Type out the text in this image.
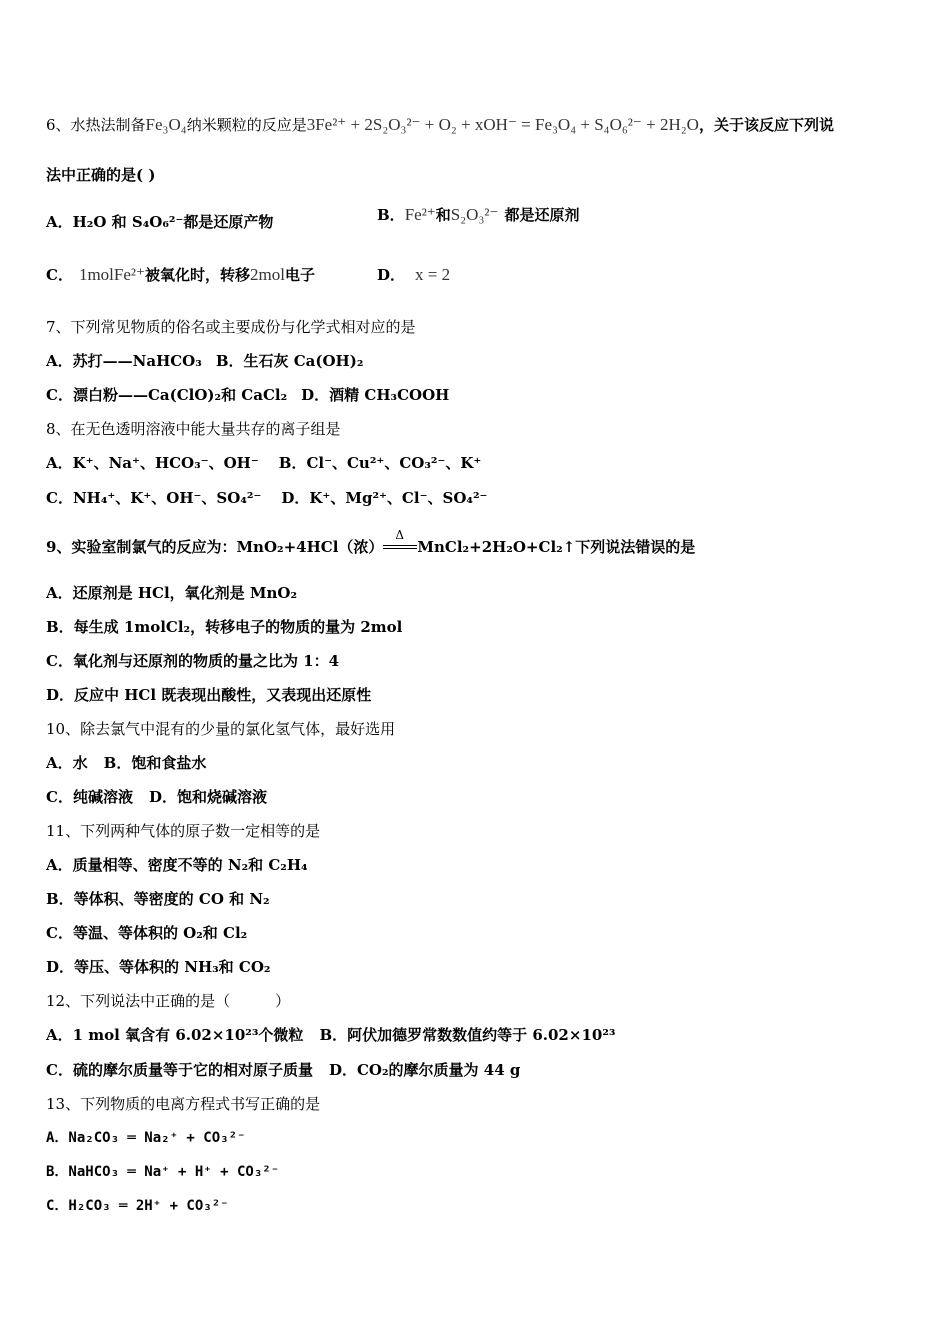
6、水热法制备Fe₃O₄纳米颗粒的反应是3Fe²⁺ + 2S₂O₃²⁻ + O₂ + xOH⁻ = Fe₃O₄ + S₄O₆²⁻ + 2H₂O，关于该反应下列说
法中正确的是( )
A．H₂O 和 S₄O₆²⁻都是还原产物	B．Fe²⁺和S₂O₃²⁻ 都是还原剂
C． 1molFe²⁺被氧化时，转移2mol电子	D． x = 2
7、下列常见物质的俗名或主要成份与化学式相对应的是
A．苏打——NaHCO₃ B．生石灰 Ca(OH)₂
C．漂白粉——Ca(ClO)₂和 CaCl₂ D．酒精 CH₃COOH
8、在无色透明溶液中能大量共存的离子组是
A．K⁺、Na⁺、HCO₃⁻、OH⁻ B．Cl⁻、Cu²⁺、CO₃²⁻、K⁺
C．NH₄⁺、K⁺、OH⁻、SO₄²⁻ D．K⁺、Mg²⁺、Cl⁻、SO₄²⁻
9、实验室制氯气的反应为：MnO₂+4HCl（浓）
Δ
MnCl₂+2H₂O+Cl₂↑下列说法错误的是
A．还原剂是 HCl，氧化剂是 MnO₂
B．每生成 1molCl₂，转移电子的物质的量为 2mol
C．氧化剂与还原剂的物质的量之比为 1：4
D．反应中 HCl 既表现出酸性，又表现出还原性
10、除去氯气中混有的少量的氯化氢气体，最好选用
A．水 B．饱和食盐水
C．纯碱溶液 D．饱和烧碱溶液
11、下列两种气体的原子数一定相等的是
A．质量相等、密度不等的 N₂和 C₂H₄
B．等体积、等密度的 CO 和 N₂
C．等温、等体积的 O₂和 Cl₂
D．等压、等体积的 NH₃和 CO₂
12、下列说法中正确的是（　　　）
A．1 mol 氧含有 6.02×10²³个微粒 B．阿伏加德罗常数数值约等于 6.02×10²³
C．硫的摩尔质量等于它的相对原子质量 D．CO₂的摩尔质量为 44 g
13、下列物质的电离方程式书写正确的是
A．Na₂CO₃ ═ Na₂⁺ + CO₃²⁻
B．NaHCO₃ ═ Na⁺ + H⁺ + CO₃²⁻
C．H₂CO₃ ═ 2H⁺ + CO₃²⁻
